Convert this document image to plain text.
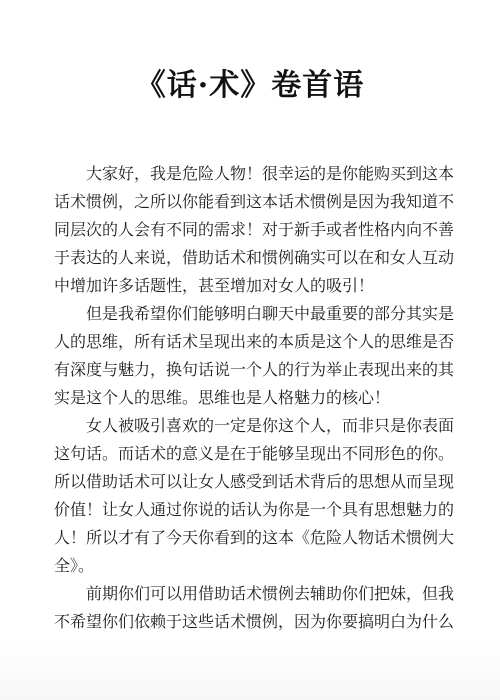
《话·术》卷首语

大家好，我是危险人物！很幸运的是你能购买到这本话术惯例，之所以你能看到这本话术惯例是因为我知道不同层次的人会有不同的需求！对于新手或者性格内向不善于表达的人来说，借助话术和惯例确实可以在和女人互动中增加许多话题性，甚至增加对女人的吸引！

但是我希望你们能够明白聊天中最重要的部分其实是人的思维，所有话术呈现出来的本质是这个人的思维是否有深度与魅力，换句话说一个人的行为举止表现出来的其实是这个人的思维。思维也是人格魅力的核心！

女人被吸引喜欢的一定是你这个人，而非只是你表面这句话。而话术的意义是在于能够呈现出不同形色的你。所以借助话术可以让女人感受到话术背后的思想从而呈现价值！让女人通过你说的话认为你是一个具有思想魅力的人！所以才有了今天你看到的这本《危险人物话术惯例大全》。

前期你们可以用借助话术惯例去辅助你们把妹，但我不希望你们依赖于这些话术惯例，因为你要搞明白为什么
